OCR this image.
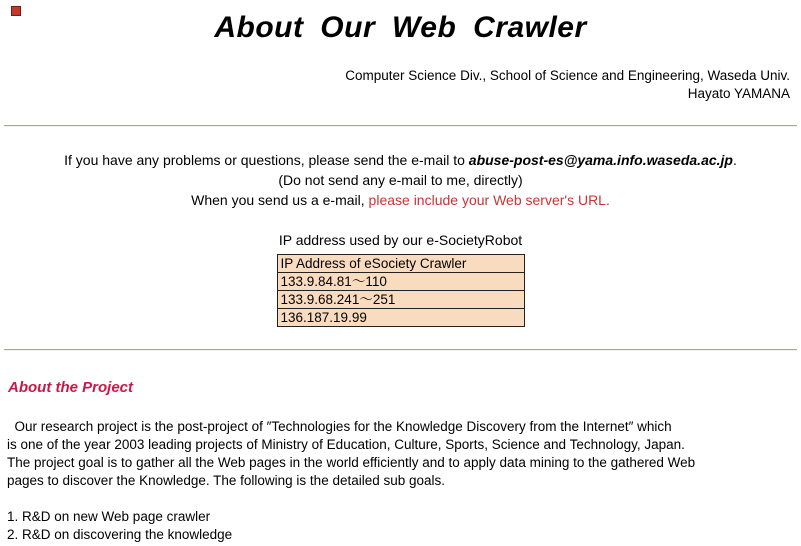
About Our Web Crawler
Computer Science Div., School of Science and Engineering, Waseda Univ.
Hayato YAMANA
If you have any problems or questions, please send the e-mail to abuse-post-es@yama.info.waseda.ac.jp.
(Do not send any e-mail to me, directly)
When you send us a e-mail, please include your Web server's URL.
IP address used by our e-SocietyRobot
IP Address of eSociety Crawler
133.9.84.81～110
133.9.68.241～251
136.187.19.99
About the Project
Our research project is the post-project of ″Technologies for the Knowledge Discovery from the Internet″ which
is one of the year 2003 leading projects of Ministry of Education, Culture, Sports, Science and Technology, Japan.
The project goal is to gather all the Web pages in the world efficiently and to apply data mining to the gathered Web
pages to discover the Knowledge. The following is the detailed sub goals.
1. R&D on new Web page crawler
2. R&D on discovering the knowledge
